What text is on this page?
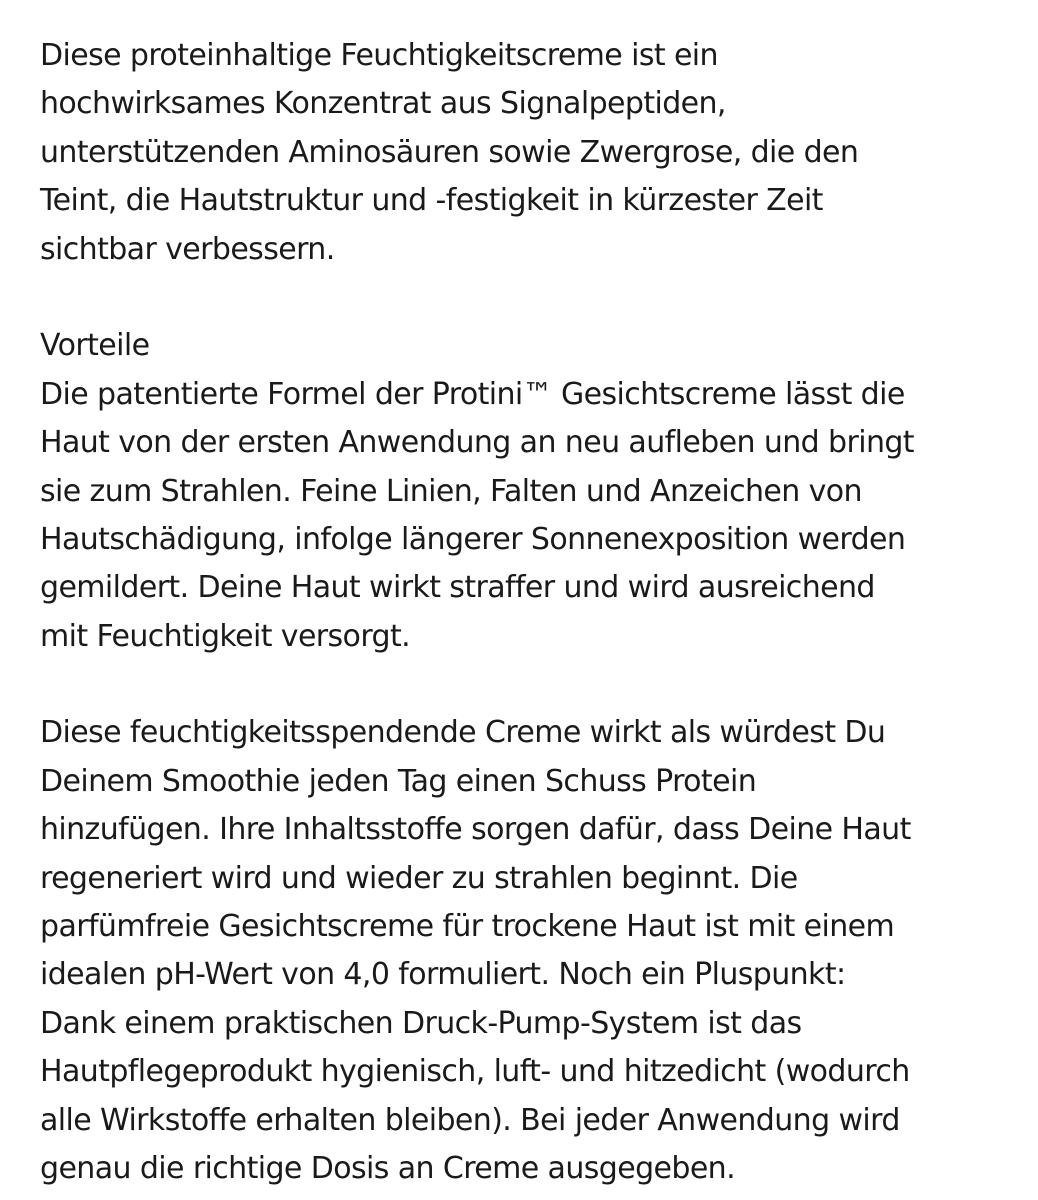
Diese proteinhaltige Feuchtigkeitscreme ist ein
hochwirksames Konzentrat aus Signalpeptiden,
unterstützenden Aminosäuren sowie Zwergrose, die den
Teint, die Hautstruktur und -festigkeit in kürzester Zeit
sichtbar verbessern.
Vorteile
Die patentierte Formel der Protini™ Gesichtscreme lässt die
Haut von der ersten Anwendung an neu aufleben und bringt
sie zum Strahlen. Feine Linien, Falten und Anzeichen von
Hautschädigung, infolge längerer Sonnenexposition werden
gemildert. Deine Haut wirkt straffer und wird ausreichend
mit Feuchtigkeit versorgt.
Diese feuchtigkeitsspendende Creme wirkt als würdest Du
Deinem Smoothie jeden Tag einen Schuss Protein
hinzufügen. Ihre Inhaltsstoffe sorgen dafür, dass Deine Haut
regeneriert wird und wieder zu strahlen beginnt. Die
parfümfreie Gesichtscreme für trockene Haut ist mit einem
idealen pH-Wert von 4,0 formuliert. Noch ein Pluspunkt:
Dank einem praktischen Druck-Pump-System ist das
Hautpflegeprodukt hygienisch, luft- und hitzedicht (wodurch
alle Wirkstoffe erhalten bleiben). Bei jeder Anwendung wird
genau die richtige Dosis an Creme ausgegeben.
